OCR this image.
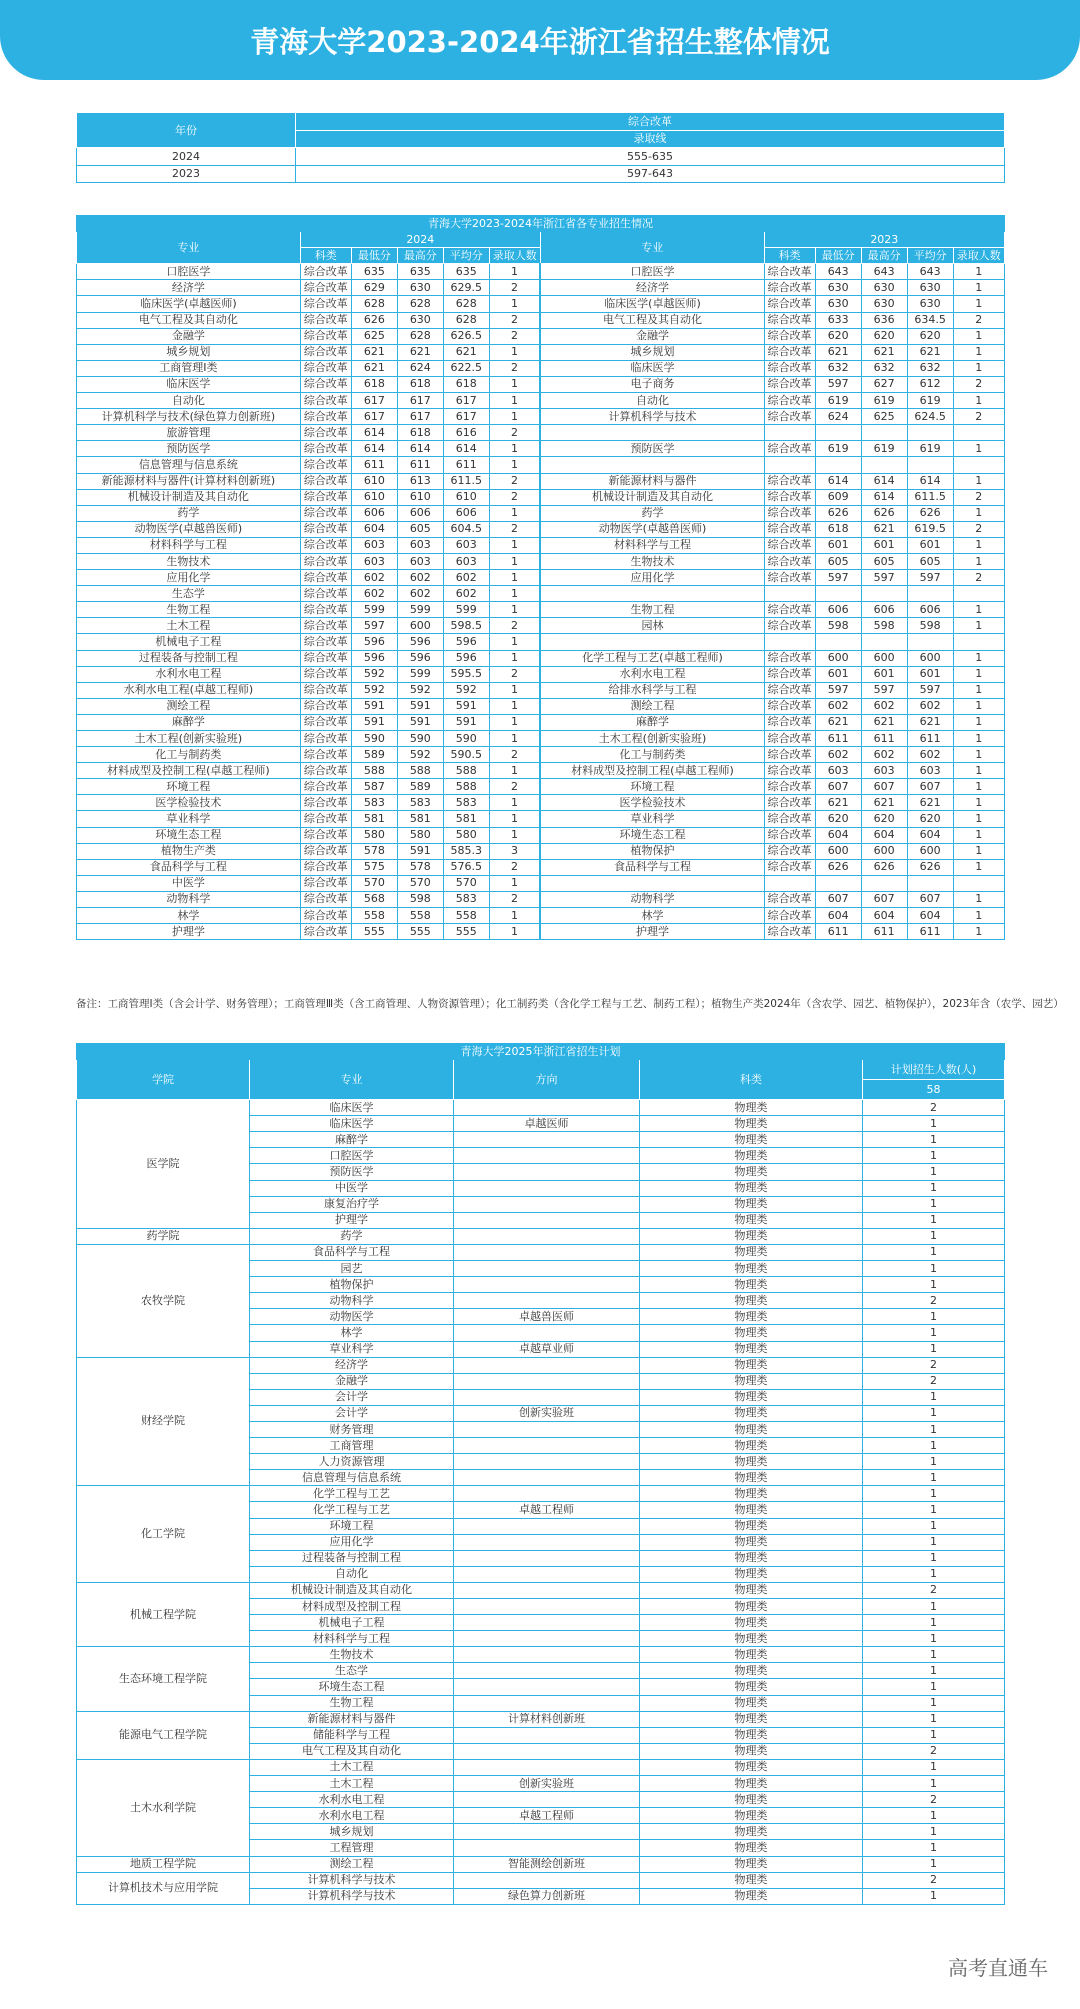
青海大学2023-2024年浙江省招生整体情况
年份	综合改革
	录取线
2024	555-635
2023	597-643
青海大学2023-2024年浙江省各专业招生情况											
专业	2024					专业	2023				
	科类	最低分	最高分	平均分	录取人数		科类	最低分	最高分	平均分	录取人数
口腔医学	综合改革	635	635	635	1	口腔医学	综合改革	643	643	643	1
经济学	综合改革	629	630	629.5	2	经济学	综合改革	630	630	630	1
临床医学(卓越医师)	综合改革	628	628	628	1	临床医学(卓越医师)	综合改革	630	630	630	1
电气工程及其自动化	综合改革	626	630	628	2	电气工程及其自动化	综合改革	633	636	634.5	2
金融学	综合改革	625	628	626.5	2	金融学	综合改革	620	620	620	1
城乡规划	综合改革	621	621	621	1	城乡规划	综合改革	621	621	621	1
工商管理Ⅰ类	综合改革	621	624	622.5	2	临床医学	综合改革	632	632	632	1
临床医学	综合改革	618	618	618	1	电子商务	综合改革	597	627	612	2
自动化	综合改革	617	617	617	1	自动化	综合改革	619	619	619	1
计算机科学与技术(绿色算力创新班)	综合改革	617	617	617	1	计算机科学与技术	综合改革	624	625	624.5	2
旅游管理	综合改革	614	618	616	2						
预防医学	综合改革	614	614	614	1	预防医学	综合改革	619	619	619	1
信息管理与信息系统	综合改革	611	611	611	1						
新能源材料与器件(计算材料创新班)	综合改革	610	613	611.5	2	新能源材料与器件	综合改革	614	614	614	1
机械设计制造及其自动化	综合改革	610	610	610	2	机械设计制造及其自动化	综合改革	609	614	611.5	2
药学	综合改革	606	606	606	1	药学	综合改革	626	626	626	1
动物医学(卓越兽医师)	综合改革	604	605	604.5	2	动物医学(卓越兽医师)	综合改革	618	621	619.5	2
材料科学与工程	综合改革	603	603	603	1	材料科学与工程	综合改革	601	601	601	1
生物技术	综合改革	603	603	603	1	生物技术	综合改革	605	605	605	1
应用化学	综合改革	602	602	602	1	应用化学	综合改革	597	597	597	2
生态学	综合改革	602	602	602	1						
生物工程	综合改革	599	599	599	1	生物工程	综合改革	606	606	606	1
土木工程	综合改革	597	600	598.5	2	园林	综合改革	598	598	598	1
机械电子工程	综合改革	596	596	596	1						
过程装备与控制工程	综合改革	596	596	596	1	化学工程与工艺(卓越工程师)	综合改革	600	600	600	1
水利水电工程	综合改革	592	599	595.5	2	水利水电工程	综合改革	601	601	601	1
水利水电工程(卓越工程师)	综合改革	592	592	592	1	给排水科学与工程	综合改革	597	597	597	1
测绘工程	综合改革	591	591	591	1	测绘工程	综合改革	602	602	602	1
麻醉学	综合改革	591	591	591	1	麻醉学	综合改革	621	621	621	1
土木工程(创新实验班)	综合改革	590	590	590	1	土木工程(创新实验班)	综合改革	611	611	611	1
化工与制药类	综合改革	589	592	590.5	2	化工与制药类	综合改革	602	602	602	1
材料成型及控制工程(卓越工程师)	综合改革	588	588	588	1	材料成型及控制工程(卓越工程师)	综合改革	603	603	603	1
环境工程	综合改革	587	589	588	2	环境工程	综合改革	607	607	607	1
医学检验技术	综合改革	583	583	583	1	医学检验技术	综合改革	621	621	621	1
草业科学	综合改革	581	581	581	1	草业科学	综合改革	620	620	620	1
环境生态工程	综合改革	580	580	580	1	环境生态工程	综合改革	604	604	604	1
植物生产类	综合改革	578	591	585.3	3	植物保护	综合改革	600	600	600	1
食品科学与工程	综合改革	575	578	576.5	2	食品科学与工程	综合改革	626	626	626	1
中医学	综合改革	570	570	570	1						
动物科学	综合改革	568	598	583	2	动物科学	综合改革	607	607	607	1
林学	综合改革	558	558	558	1	林学	综合改革	604	604	604	1
护理学	综合改革	555	555	555	1	护理学	综合改革	611	611	611	1
备注：工商管理Ⅰ类（含会计学、财务管理）；工商管理Ⅲ类（含工商管理、人物资源管理）；化工制药类（含化学工程与工艺、制药工程）；植物生产类2024年（含农学、园艺、植物保护），2023年含（农学、园艺）
青海大学2025年浙江省招生计划				
学院	专业	方向	科类	计划招生人数(人)
				58
医学院	临床医学		物理类	2
	临床医学	卓越医师	物理类	1
	麻醉学		物理类	1
	口腔医学		物理类	1
	预防医学		物理类	1
	中医学		物理类	1
	康复治疗学		物理类	1
	护理学		物理类	1
药学院	药学		物理类	1
农牧学院	食品科学与工程		物理类	1
	园艺		物理类	1
	植物保护		物理类	1
	动物科学		物理类	2
	动物医学	卓越兽医师	物理类	1
	林学		物理类	1
	草业科学	卓越草业师	物理类	1
财经学院	经济学		物理类	2
	金融学		物理类	2
	会计学		物理类	1
	会计学	创新实验班	物理类	1
	财务管理		物理类	1
	工商管理		物理类	1
	人力资源管理		物理类	1
	信息管理与信息系统		物理类	1
化工学院	化学工程与工艺		物理类	1
	化学工程与工艺	卓越工程师	物理类	1
	环境工程		物理类	1
	应用化学		物理类	1
	过程装备与控制工程		物理类	1
	自动化		物理类	1
机械工程学院	机械设计制造及其自动化		物理类	2
	材料成型及控制工程		物理类	1
	机械电子工程		物理类	1
	材料科学与工程		物理类	1
生态环境工程学院	生物技术		物理类	1
	生态学		物理类	1
	环境生态工程		物理类	1
	生物工程		物理类	1
能源电气工程学院	新能源材料与器件	计算材料创新班	物理类	1
	储能科学与工程		物理类	1
	电气工程及其自动化		物理类	2
土木水利学院	土木工程		物理类	1
	土木工程	创新实验班	物理类	1
	水利水电工程		物理类	2
	水利水电工程	卓越工程师	物理类	1
	城乡规划		物理类	1
	工程管理		物理类	1
地质工程学院	测绘工程	智能测绘创新班	物理类	1
计算机技术与应用学院	计算机科学与技术		物理类	2
	计算机科学与技术	绿色算力创新班	物理类	1
高考直通车
